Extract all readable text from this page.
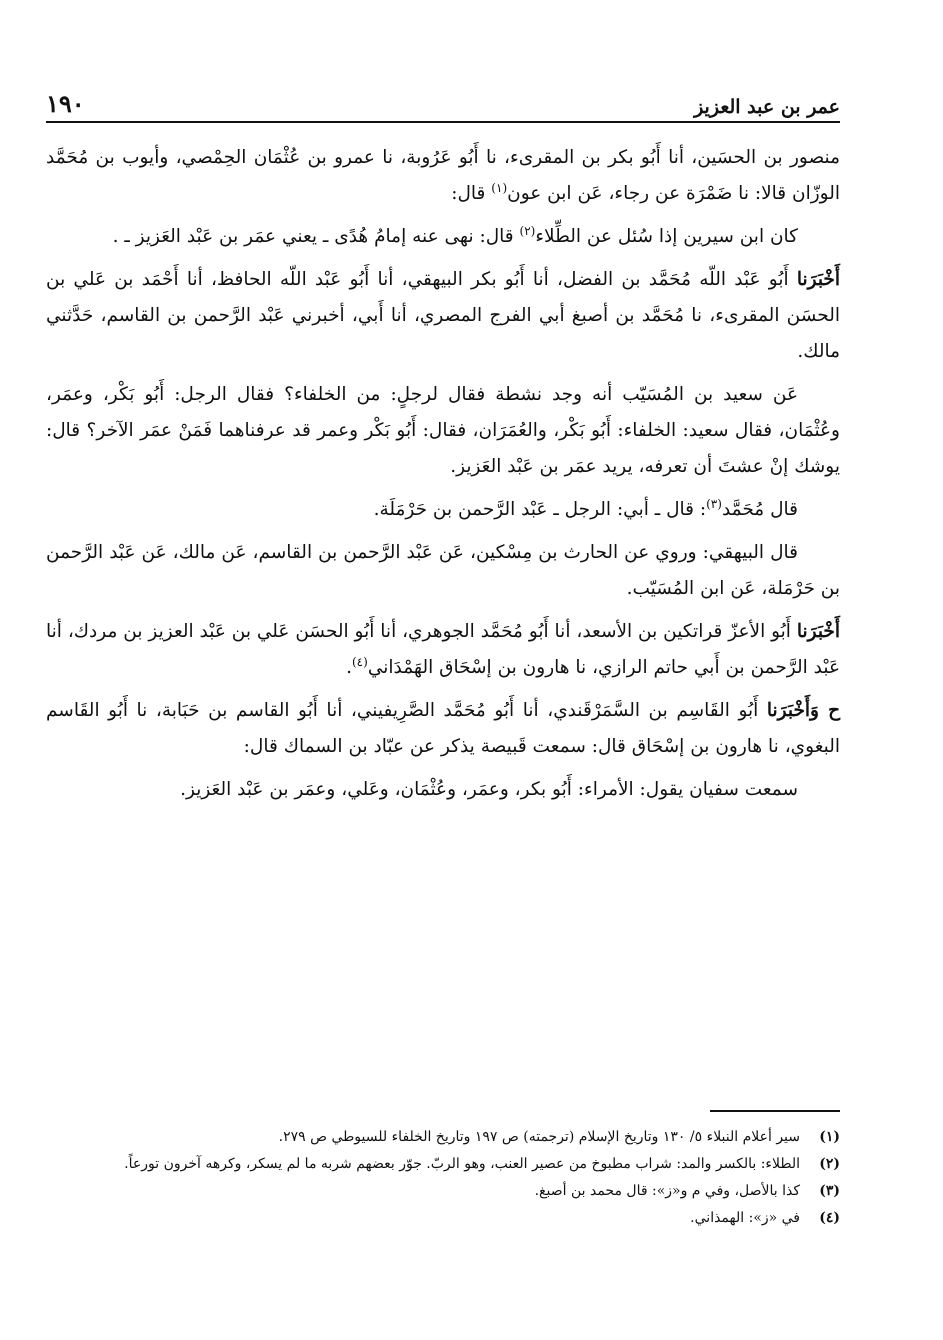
١٩٠	عمر بن عبد العزيز

منصور بن الحسَين، أنا أَبُو بكر بن المقرىء، نا أَبُو عَرُوبة، نا عمرو بن عُثْمَان الحِمْصي، وأيوب بن مُحَمَّد الوزّان قالا: نا ضَمْرَة عن رجاء، عَن ابن عون$^{(١)}$ قال:

كان ابن سيرين إذا سُئل عن الطِّلاء$^{(٢)}$ قال: نهى عنه إمامُ هُدًى ـ يعني عمَر بن عَبْد العَزيز ـ .

أَخْبَرَنا أَبُو عَبْد اللّه مُحَمَّد بن الفضل، أنا أَبُو بكر البيهقي، أنا أَبُو عَبْد اللّه الحافظ، أنا أَحْمَد بن عَلي بن الحسَن المقرىء، نا مُحَمَّد بن أصبغ أبي الفرج المصري، أنا أَبي، أخبرني عَبْد الرَّحمن بن القاسم، حَدَّثني مالك.

عَن سعيد بن المُسَيّب أنه وجد نشطة فقال لرجلٍ: من الخلفاء؟ فقال الرجل: أَبُو بَكْر، وعمَر، وعُثْمَان، فقال سعيد: الخلفاء: أَبُو بَكْر، والعُمَرَان، فقال: أَبُو بَكْر وعمر قد عرفناهما فَمَنْ عمَر الآخر؟ قال: يوشك إنْ عشتَ أن تعرفه، يريد عمَر بن عَبْد العَزيز.

قال مُحَمَّد$^{(٣)}$: قال ـ أبي: الرجل ـ عَبْد الرَّحمن بن حَرْمَلَة.

قال البيهقي: وروي عن الحارث بن مِسْكين، عَن عَبْد الرَّحمن بن القاسم، عَن مالك، عَن عَبْد الرَّحمن بن حَرْمَلة، عَن ابن المُسَيّب.

أَخْبَرَنا أَبُو الأعزّ قراتكين بن الأسعد، أنا أَبُو مُحَمَّد الجوهري، أنا أَبُو الحسَن عَلي بن عَبْد العزيز بن مردك، أنا عَبْد الرَّحمن بن أَبي حاتم الرازي، نا هارون بن إسْحَاق الهَمْدَاني$^{(٤)}$.

ح وَأَخْبَرَنا أَبُو القَاسِم بن السَّمَرْقَندي، أنا أَبُو مُحَمَّد الصَّرِيفيني، أنا أَبُو القاسم بن حَبَابة، نا أَبُو القَاسم البغوي، نا هارون بن إسْحَاق قال: سمعت قَبيصة يذكر عن عبّاد بن السماك قال:

سمعت سفيان يقول: الأمراء: أَبُو بكر، وعمَر، وعُثْمَان، وعَلي، وعمَر بن عَبْد العَزيز.

(١)
سير أعلام النبلاء ٥/ ١٣٠ وتاريخ الإسلام (ترجمته) ص ١٩٧ وتاريخ الخلفاء للسيوطي ص ٢٧٩.
(٢)
الطلاء: بالكسر والمد: شراب مطبوخ من عصير العنب، وهو الربّ. جوّر بعضهم شربه ما لم يسكر، وكرهه آخرون تورعاً.
(٣)
كذا بالأصل، وفي م و«ز»: قال محمد بن أصبغ.
(٤)
في «ز»: الهمذاني.
